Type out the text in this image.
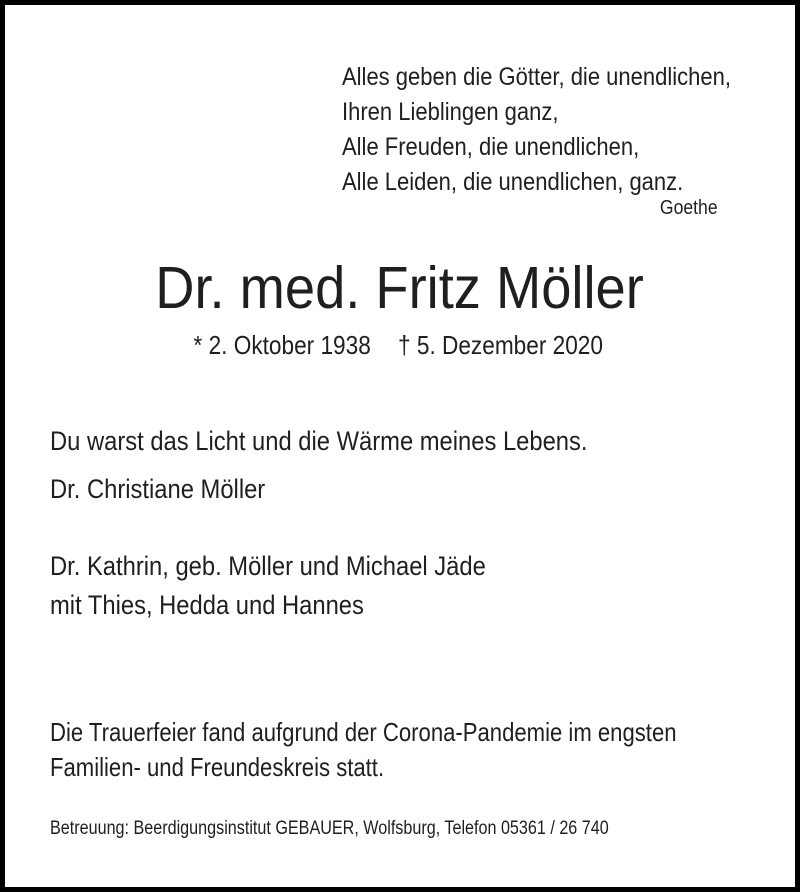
Alles geben die Götter, die unendlichen,
Ihren Lieblingen ganz,
Alle Freuden, die unendlichen,
Alle Leiden, die unendlichen, ganz.
Goethe
Dr. med. Fritz Möller
* 2. Oktober 1938 † 5. Dezember 2020
Du warst das Licht und die Wärme meines Lebens.
Dr. Christiane Möller
Dr. Kathrin, geb. Möller und Michael Jäde
mit Thies, Hedda und Hannes
Die Trauerfeier fand aufgrund der Corona-Pandemie im engsten
Familien- und Freundeskreis statt.
Betreuung: Beerdigungsinstitut GEBAUER, Wolfsburg, Telefon 05361 / 26 740
